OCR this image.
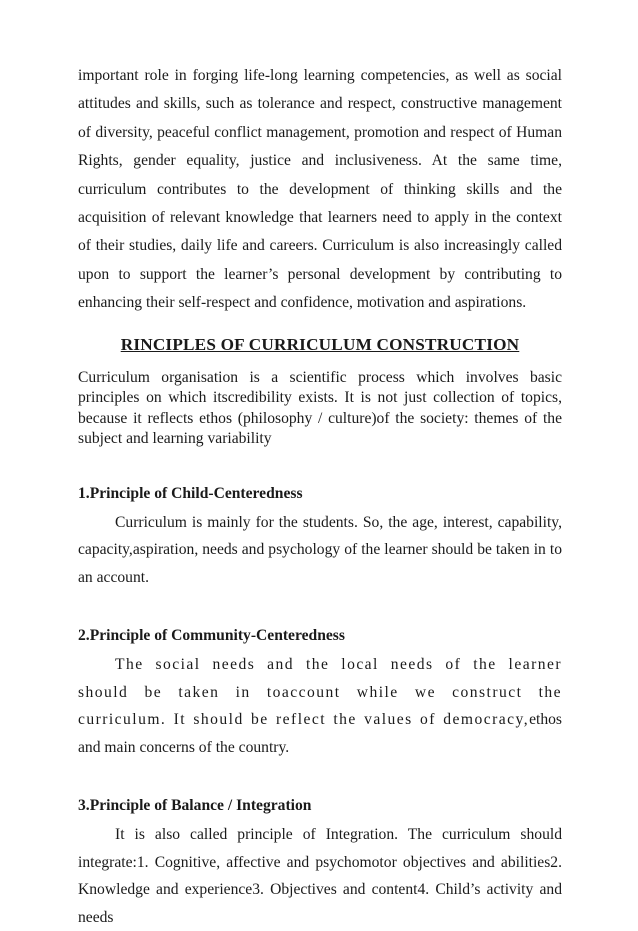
important role in forging life-long learning competencies, as well as social attitudes and skills, such as tolerance and respect, constructive management of diversity, peaceful conflict management, promotion and respect of Human Rights, gender equality, justice and inclusiveness. At the same time, curriculum contributes to the development of thinking skills and the acquisition of relevant knowledge that learners need to apply in the context of their studies, daily life and careers. Curriculum is also increasingly called upon to support the learner’s personal development by contributing to enhancing their self-respect and confidence, motivation and aspirations.

RINCIPLES OF CURRICULUM CONSTRUCTION

Curriculum organisation is a scientific process which involves basic principles on which itscredibility exists. It is not just collection of topics, because it reflects ethos (philosophy / culture)of the society: themes of the subject and learning variability

1.Principle of Child-Centeredness

Curriculum is mainly for the students. So, the age, interest, capability, capacity,aspiration, needs and psychology of the learner should be taken in to an account.

2.Principle of Community-Centeredness

The social needs and the local needs of the learner should be taken in toaccount while we construct the curriculum. It should be reflect the values of democracy,ethos and main concerns of the country.

3.Principle of Balance / Integration

It is also called principle of Integration. The curriculum should integrate:1. Cognitive, affective and psychomotor objectives and abilities2. Knowledge and experience3. Objectives and content4. Child’s activity and needs
